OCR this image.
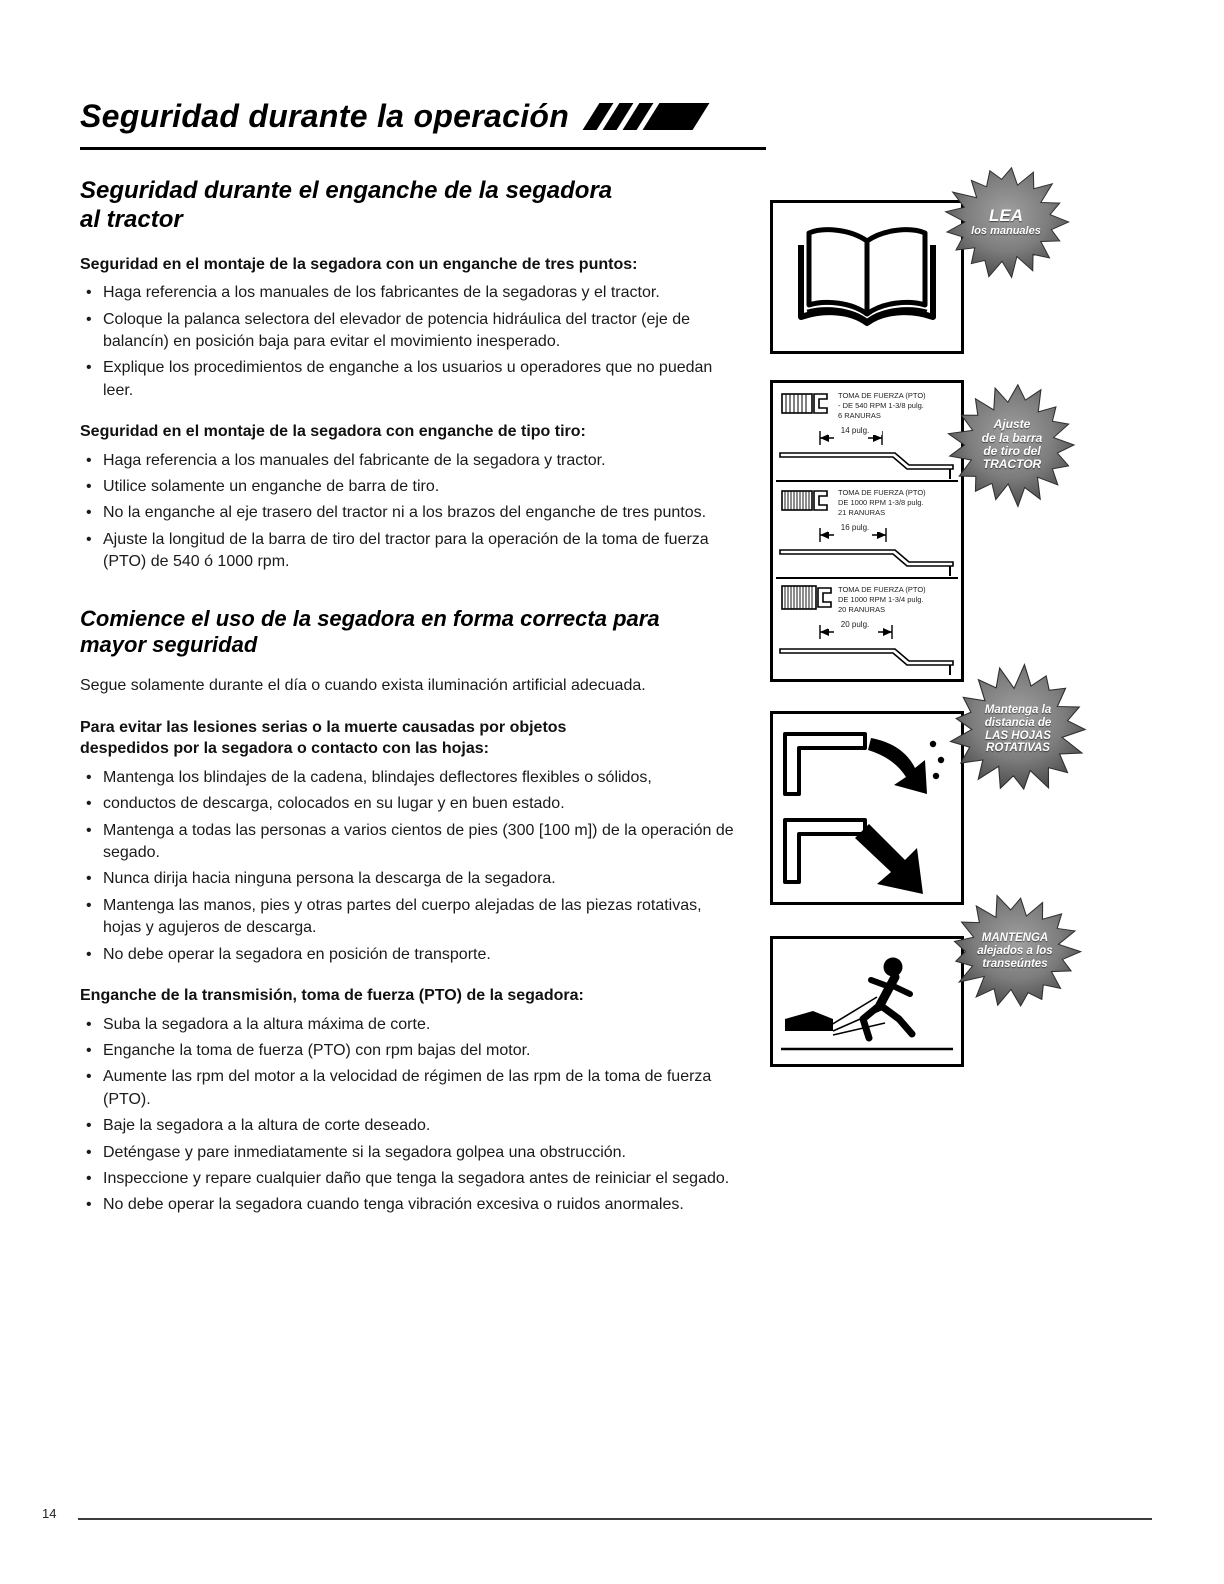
Seguridad durante la operación
Seguridad durante el enganche de la segadora
al tractor
Seguridad en el montaje de la segadora con un enganche de tres puntos:
• Haga referencia a los manuales de los fabricantes de la segadoras y el tractor.
• Coloque la palanca selectora del elevador de potencia hidráulica del tractor (eje de balancín) en posición baja para evitar el movimiento inesperado.
• Explique los procedimientos de enganche a los usuarios u operadores que no puedan leer.
Seguridad en el montaje de la segadora con enganche de tipo tiro:
• Haga referencia a los manuales del fabricante de la segadora y tractor.
• Utilice solamente un enganche de barra de tiro.
• No la enganche al eje trasero del tractor ni a los brazos del enganche de tres puntos.
• Ajuste la longitud de la barra de tiro del tractor para la operación de la toma de fuerza (PTO) de 540 ó 1000 rpm.
Comience el uso de la segadora en forma correcta para
mayor seguridad

Segue solamente durante el día o cuando exista iluminación artificial adecuada.

Para evitar las lesiones serias o la muerte causadas por objetos
despedidos por la segadora o contacto con las hojas:
• Mantenga los blindajes de la cadena, blindajes deflectores flexibles o sólidos,
• conductos de descarga, colocados en su lugar y en buen estado.
• Mantenga a todas las personas a varios cientos de pies (300 [100 m]) de la operación de segado.
• Nunca dirija hacia ninguna persona la descarga de la segadora.
• Mantenga las manos, pies y otras partes del cuerpo alejadas de las piezas rotativas, hojas y agujeros de descarga.
• No debe operar la segadora en posición de transporte.
Enganche de la transmisión, toma de fuerza (PTO) de la segadora:
• Suba la segadora a la altura máxima de corte.
• Enganche la toma de fuerza (PTO) con rpm bajas del motor.
• Aumente las rpm del motor a la velocidad de régimen de las rpm de la toma de fuerza (PTO).
• Baje la segadora a la altura de corte deseado.
• Deténgase y pare inmediatamente si la segadora golpea una obstrucción.
• Inspeccione y repare cualquier daño que tenga la segadora antes de reiniciar el segado.
• No debe operar la segadora cuando tenga vibración excesiva o ruidos anormales.
TOMA DE FUERZA (PTO)
- DE 540 RPM 1-3/8 pulg.
6 RANURAS
14 pulg.
TOMA DE FUERZA (PTO)
DE 1000 RPM 1-3/8 pulg.
21 RANURAS
16 pulg.
TOMA DE FUERZA (PTO)
DE 1000 RPM 1-3/4 pulg.
20 RANURAS
20 pulg.
LEA
los manuales
Ajuste
de la barra
de tiro del
TRACTOR
Mantenga la
distancia de
LAS HOJAS
ROTATIVAS
MANTENGA
alejados a los
transeúntes
14
